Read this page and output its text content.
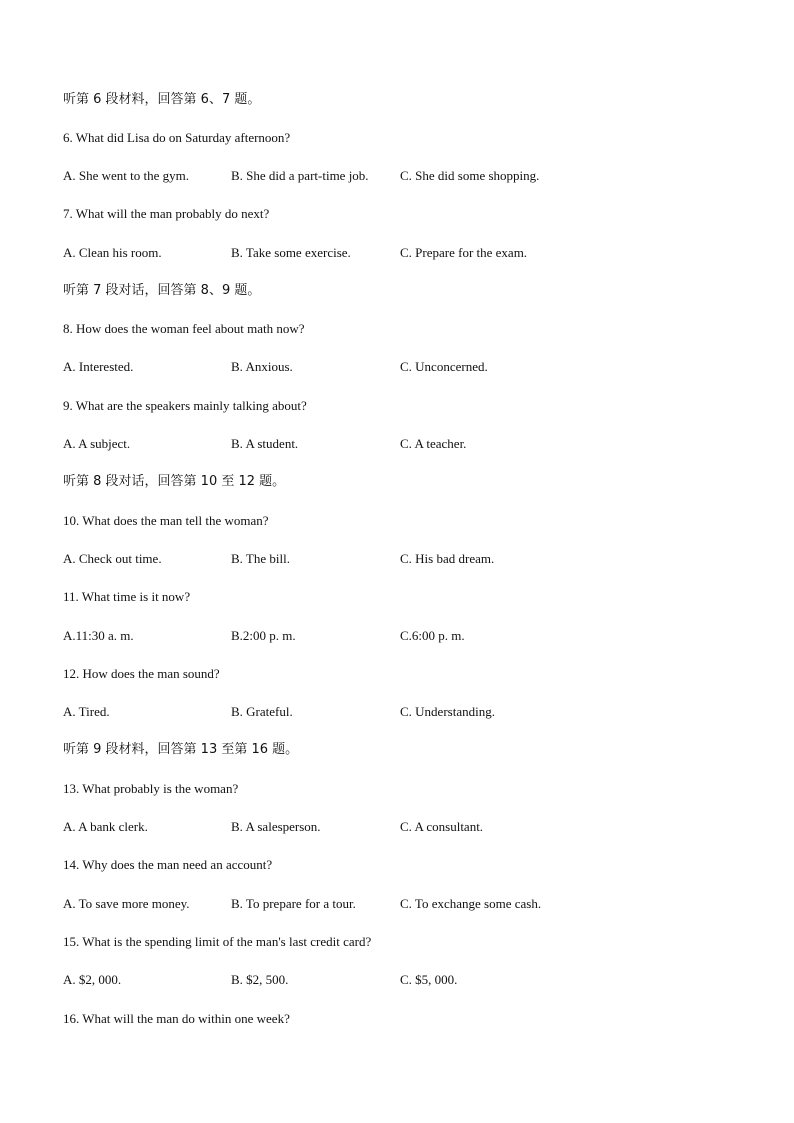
听第 6 段材料，回答第 6、7 题。
6. What did Lisa do on Saturday afternoon?
A. She went to the gym.	B. She did a part-time job. C. She did some shopping.
7. What will the man probably do next?
A. Clean his room.	B. Take some exercise.	C. Prepare for the exam.
听第 7 段对话，回答第 8、9 题。
8. How does the woman feel about math now?
A. Interested.	B. Anxious.	C. Unconcerned.
9. What are the speakers mainly talking about?
A. A subject.	B. A student.	C. A teacher.
听第 8 段对话，回答第 10 至 12 题。
10. What does the man tell the woman?
A. Check out time.	B. The bill.	C. His bad dream.
11. What time is it now?
A.11:30 a. m.	B.2:00 p. m.	C.6:00 p. m.
12. How does the man sound?
A. Tired.	B. Grateful.	C. Understanding.
听第 9 段材料，回答第 13 至第 16 题。
13. What probably is the woman?
A. A bank clerk.	B. A salesperson.	C. A consultant.
14. Why does the man need an account?
A. To save more money.	B. To prepare for a tour.	C. To exchange some cash.
15. What is the spending limit of the man's last credit card?
A. $2, 000.	B. $2, 500.	C. $5, 000.
16. What will the man do within one week?
